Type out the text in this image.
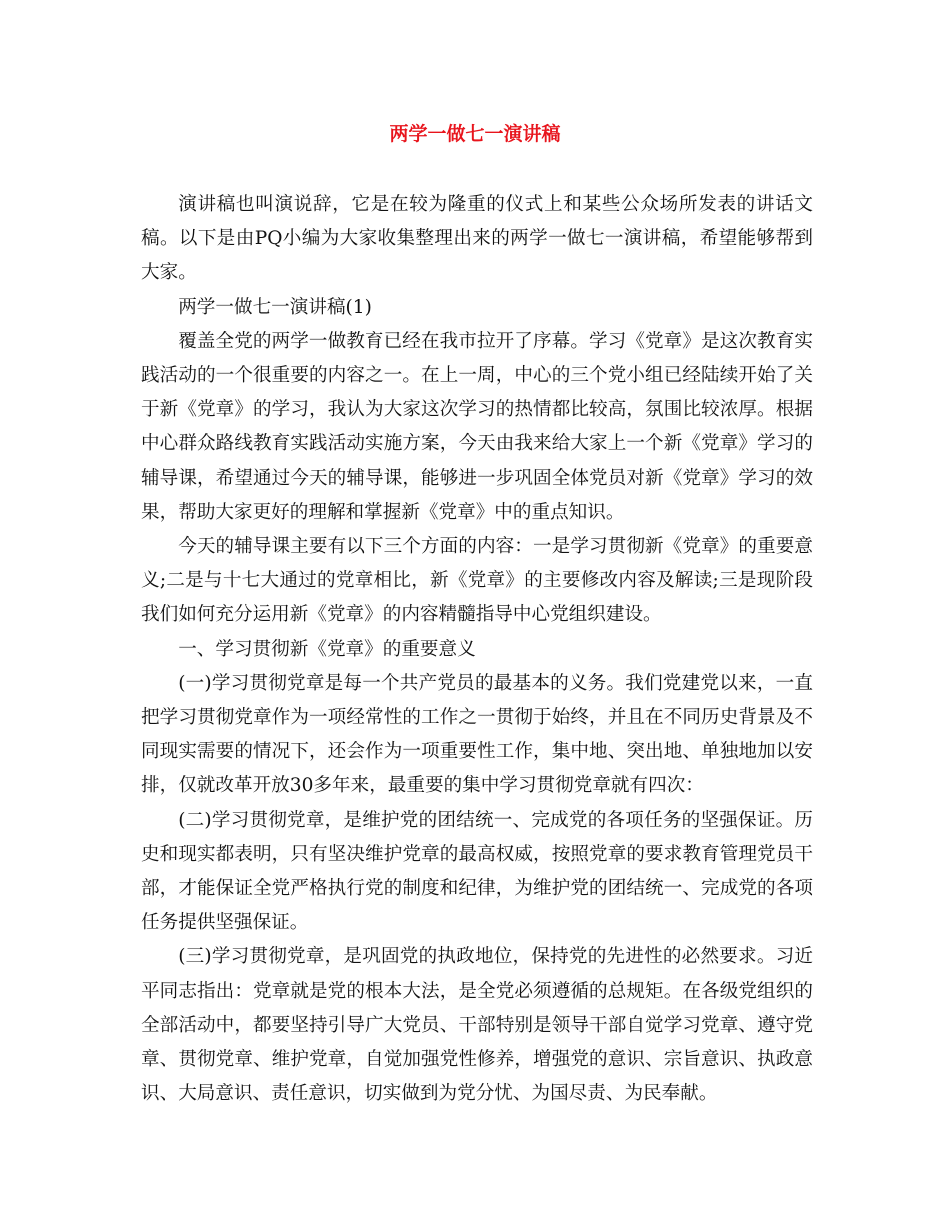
两学一做七一演讲稿

演讲稿也叫演说辞，它是在较为隆重的仪式上和某些公众场所发表的讲话文稿。以下是由PQ小编为大家收集整理出来的两学一做七一演讲稿，希望能够帮到大家。

两学一做七一演讲稿(1)

覆盖全党的两学一做教育已经在我市拉开了序幕。学习《党章》是这次教育实践活动的一个很重要的内容之一。在上一周，中心的三个党小组已经陆续开始了关于新《党章》的学习，我认为大家这次学习的热情都比较高，氛围比较浓厚。根据中心群众路线教育实践活动实施方案，今天由我来给大家上一个新《党章》学习的辅导课，希望通过今天的辅导课，能够进一步巩固全体党员对新《党章》学习的效果，帮助大家更好的理解和掌握新《党章》中的重点知识。

今天的辅导课主要有以下三个方面的内容：一是学习贯彻新《党章》的重要意义;二是与十七大通过的党章相比，新《党章》的主要修改内容及解读;三是现阶段我们如何充分运用新《党章》的内容精髓指导中心党组织建设。

一、学习贯彻新《党章》的重要意义

(一)学习贯彻党章是每一个共产党员的最基本的义务。我们党建党以来，一直把学习贯彻党章作为一项经常性的工作之一贯彻于始终，并且在不同历史背景及不同现实需要的情况下，还会作为一项重要性工作，集中地、突出地、单独地加以安排，仅就改革开放30多年来，最重要的集中学习贯彻党章就有四次：

(二)学习贯彻党章，是维护党的团结统一、完成党的各项任务的坚强保证。历史和现实都表明，只有坚决维护党章的最高权威，按照党章的要求教育管理党员干部，才能保证全党严格执行党的制度和纪律，为维护党的团结统一、完成党的各项任务提供坚强保证。

(三)学习贯彻党章，是巩固党的执政地位，保持党的先进性的必然要求。习近平同志指出：党章就是党的根本大法，是全党必须遵循的总规矩。在各级党组织的全部活动中，都要坚持引导广大党员、干部特别是领导干部自觉学习党章、遵守党章、贯彻党章、维护党章，自觉加强党性修养，增强党的意识、宗旨意识、执政意识、大局意识、责任意识，切实做到为党分忧、为国尽责、为民奉献。
